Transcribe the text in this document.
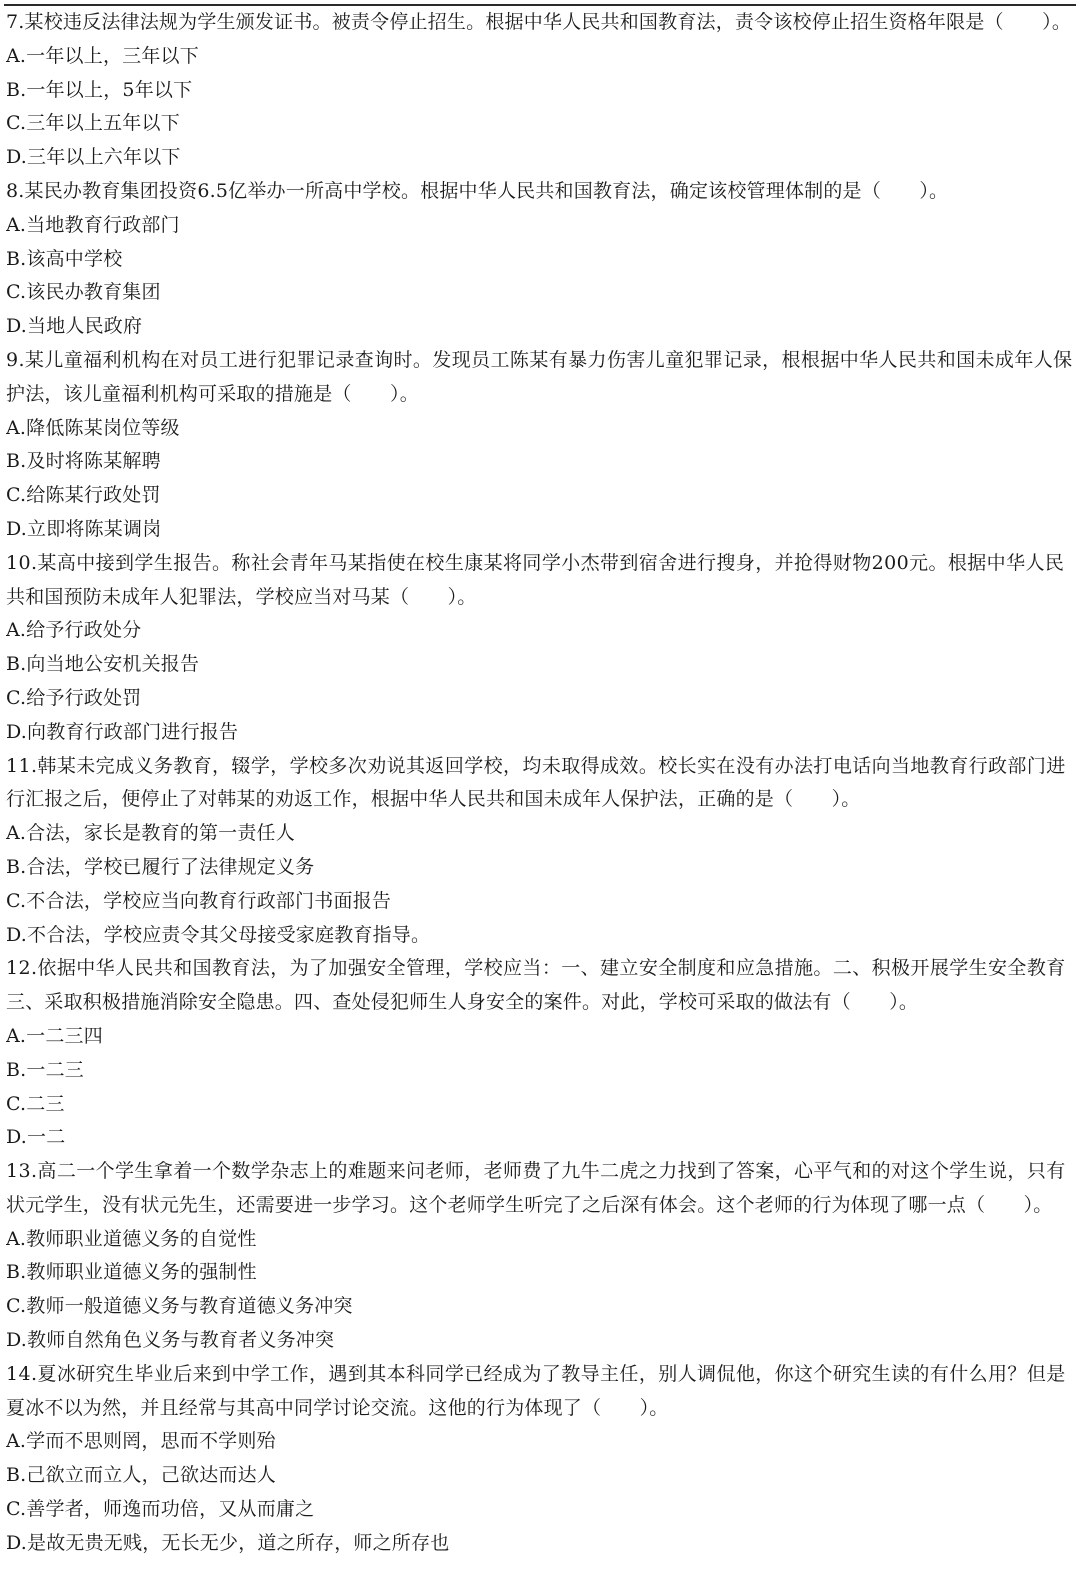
7.某校违反法律法规为学生颁发证书。被责令停止招生。根据中华人民共和国教育法，责令该校停止招生资格年限是（　　）。
A.一年以上，三年以下
B.一年以上，5年以下
C.三年以上五年以下
D.三年以上六年以下
8.某民办教育集团投资6.5亿举办一所高中学校。根据中华人民共和国教育法，确定该校管理体制的是（　　）。
A.当地教育行政部门
B.该高中学校
C.该民办教育集团
D.当地人民政府
9.某儿童福利机构在对员工进行犯罪记录查询时。发现员工陈某有暴力伤害儿童犯罪记录，根根据中华人民共和国未成年人保
护法，该儿童福利机构可采取的措施是（　　）。
A.降低陈某岗位等级
B.及时将陈某解聘
C.给陈某行政处罚
D.立即将陈某调岗
10.某高中接到学生报告。称社会青年马某指使在校生康某将同学小杰带到宿舍进行搜身，并抢得财物200元。根据中华人民
共和国预防未成年人犯罪法，学校应当对马某（　　）。
A.给予行政处分
B.向当地公安机关报告
C.给予行政处罚
D.向教育行政部门进行报告
11.韩某未完成义务教育，辍学，学校多次劝说其返回学校，均未取得成效。校长实在没有办法打电话向当地教育行政部门进
行汇报之后，便停止了对韩某的劝返工作，根据中华人民共和国未成年人保护法，正确的是（　　）。
A.合法，家长是教育的第一责任人
B.合法，学校已履行了法律规定义务
C.不合法，学校应当向教育行政部门书面报告
D.不合法，学校应责令其父母接受家庭教育指导。
12.依据中华人民共和国教育法，为了加强安全管理，学校应当：一、建立安全制度和应急措施。二、积极开展学生安全教育
三、采取积极措施消除安全隐患。四、查处侵犯师生人身安全的案件。对此，学校可采取的做法有（　　）。
A.一二三四
B.一二三
C.二三
D.一二
13.高二一个学生拿着一个数学杂志上的难题来问老师，老师费了九牛二虎之力找到了答案，心平气和的对这个学生说，只有
状元学生，没有状元先生，还需要进一步学习。这个老师学生听完了之后深有体会。这个老师的行为体现了哪一点（　　）。
A.教师职业道德义务的自觉性
B.教师职业道德义务的强制性
C.教师一般道德义务与教育道德义务冲突
D.教师自然角色义务与教育者义务冲突
14.夏冰研究生毕业后来到中学工作，遇到其本科同学已经成为了教导主任，别人调侃他，你这个研究生读的有什么用？但是
夏冰不以为然，并且经常与其高中同学讨论交流。这他的行为体现了（　　）。
A.学而不思则罔，思而不学则殆
B.己欲立而立人，己欲达而达人
C.善学者，师逸而功倍，又从而庸之
D.是故无贵无贱，无长无少，道之所存，师之所存也
